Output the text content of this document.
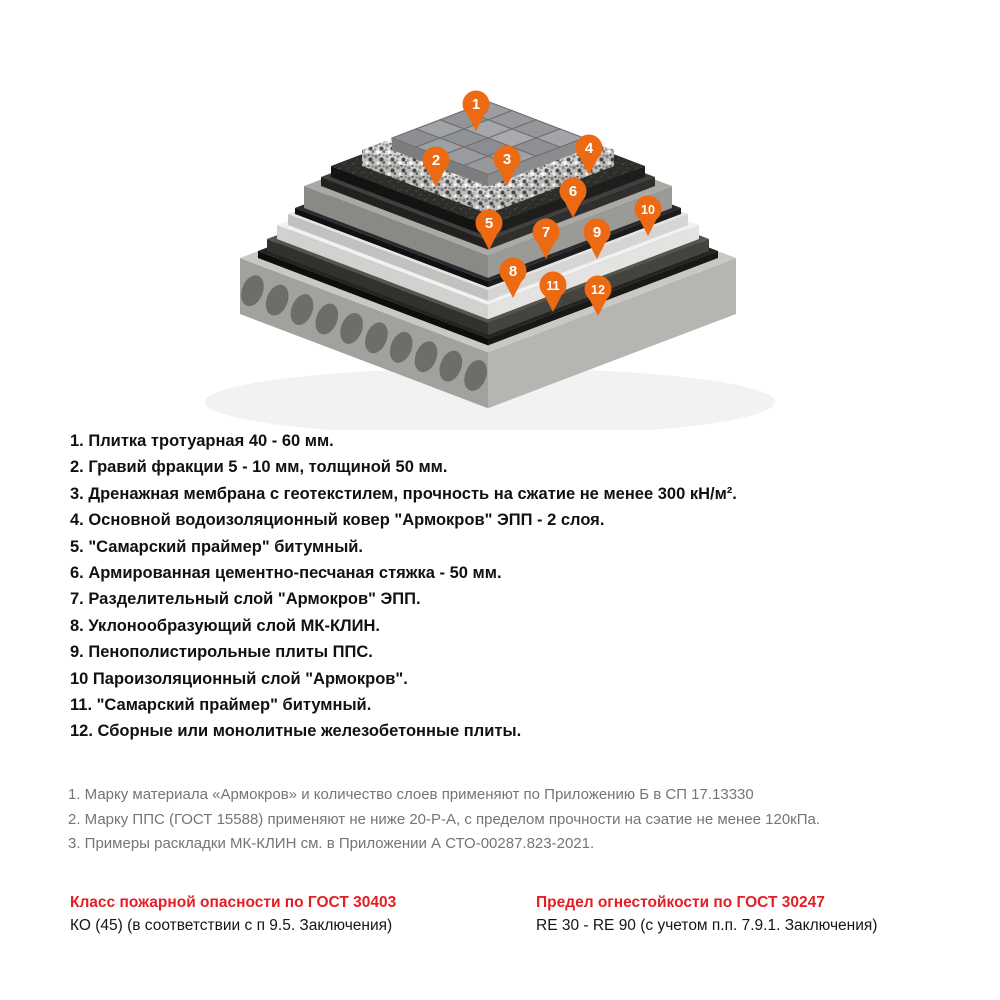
1
2	3
4
5
6
7
8
9
10
11	12
1. Плитка тротуарная 40 - 60 мм.
2. Гравий фракции 5 - 10 мм, толщиной 50 мм.
3. Дренажная мембрана с геотекстилем, прочность на сжатие не менее 300 кН/м².
4. Основной водоизоляционный ковер "Армокров" ЭПП - 2 слоя.
5. "Самарский праймер" битумный.
6. Армированная цементно-песчаная стяжка - 50 мм.
7. Разделительный слой "Армокров" ЭПП.
8. Уклонообразующий слой МК-КЛИН.
9. Пенополистирольные плиты ППС.
10 Пароизоляционный слой "Армокров".
11. "Самарский праймер" битумный.
12. Сборные или монолитные железобетонные плиты.
1. Марку материала «Армокров» и количество слоев применяют по Приложению Б в СП 17.13330
2. Марку ППС (ГОСТ 15588) применяют не ниже 20-Р-А, с пределом прочности на сэатие не менее 120кПа.
3. Примеры раскладки МК-КЛИН см. в Приложении А СТО-00287.823-2021.
Класс пожарной опасности по ГОСТ 30403
КО (45) (в соответствии с п 9.5. Заключения)
Предел огнестойкости по ГОСТ 30247
RE 30 - RE 90 (с учетом п.п. 7.9.1. Заключения)
